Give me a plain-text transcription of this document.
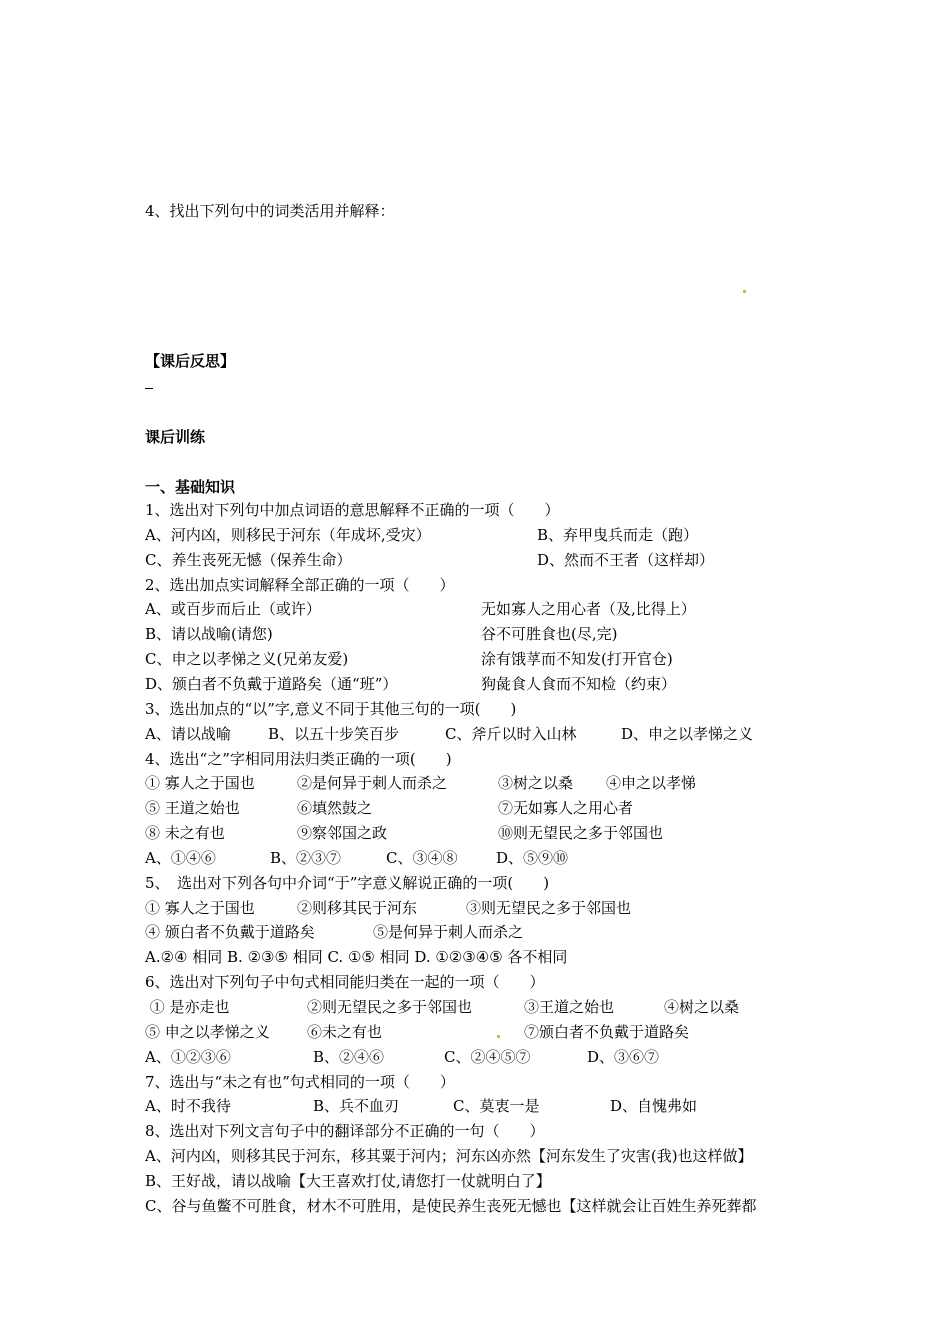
4、找出下列句中的词类活用并解释：

【课后反思】
课后训练
一、基础知识
1、选出对下列句中加点词语的意思解释不正确的一项（　　）
A、河内凶，则移民于河东（年成坏,受灾）	B、弃甲曳兵而走（跑）
C、养生丧死无憾（保养生命）	D、然而不王者（这样却）
2、选出加点实词解释全部正确的一项（　　）
A、或百步而后止（或许）	无如寡人之用心者（及,比得上）
B、请以战喻(请您)	谷不可胜食也(尽,完)
C、申之以孝悌之义(兄弟友爱)	涂有饿莩而不知发(打开官仓)
D、颁白者不负戴于道路矣（通“班”）	狗彘食人食而不知检（约束）
3、选出加点的“以”字,意义不同于其他三句的一项(　　)
A、请以战喻 B、以五十步笑百步	C、斧斤以时入山林	D、申之以孝悌之义
4、选出“之”字相同用法归类正确的一项(　　)
① 寡人之于国也	②是何异于刺人而杀之	③树之以桑 ④申之以孝悌
⑤ 王道之始也	⑥填然鼓之	⑦无如寡人之用心者
⑧ 未之有也	⑨察邻国之政	⑩则无望民之多于邻国也
A、①④⑥	B、②③⑦	C、③④⑧	D、⑤⑨⑩
5、　选出对下列各句中介词“于”字意义解说正确的一项(　　)
① 寡人之于国也	②则移其民于河东	③则无望民之多于邻国也
④ 颁白者不负戴于道路矣	⑤是何异于刺人而杀之
A.②④ 相同 B. ②③⑤ 相同 C. ①⑤ 相同 D. ①②③④⑤ 各不相同
6、选出对下列句子中句式相同能归类在一起的一项（　　）
① 是亦走也	②则无望民之多于邻国也	③王道之始也	④树之以桑
⑤ 申之以孝悌之义 ⑥未之有也	⑦颁白者不负戴于道路矣
A、①②③⑥	B、②④⑥	C、②④⑤⑦	D、③⑥⑦
7、选出与“未之有也”句式相同的一项（　　）
A、时不我待	B、兵不血刃	C、莫衷一是	D、自愧弗如
8、选出对下列文言句子中的翻译部分不正确的一句（　　）
A、河内凶，则移其民于河东，移其粟于河内；河东凶亦然【河东发生了灾害(我)也这样做】
B、王好战，请以战喻【大王喜欢打仗,请您打一仗就明白了】
C、谷与鱼鳖不可胜食，材木不可胜用，是使民养生丧死无憾也【这样就会让百姓生养死葬都
